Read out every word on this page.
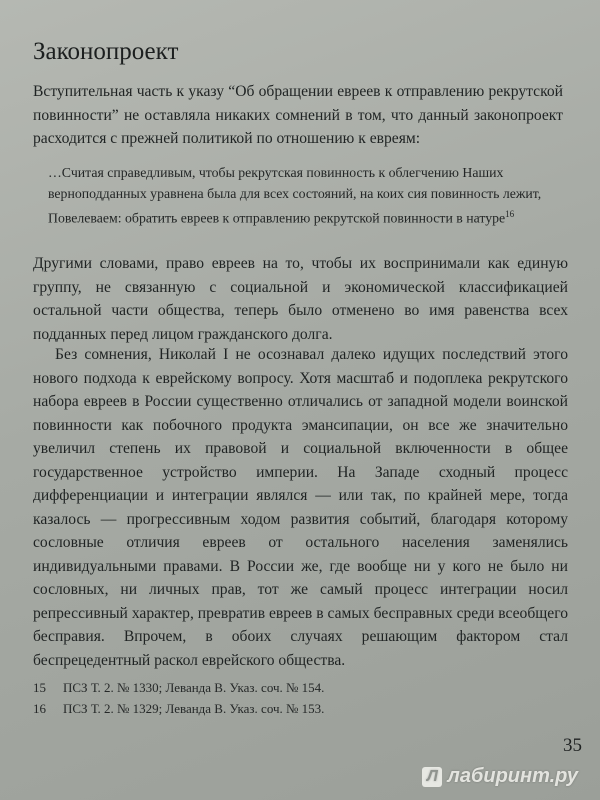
Законопроект

Вступительная часть к указу “Об обращении евреев к отправлению рекрутской повинности” не оставляла никаких сомнений в том, что данный законопроект расходится с прежней политикой по отношению к евреям:

…Считая справедливым, чтобы рекрутская повинность к облегчению Наших верноподданных уравнена была для всех состояний, на коих сия повинность лежит, Повелеваем: обратить евреев к отправлению рекрутской повинности в натуре$^{16}$

Другими словами, право евреев на то, чтобы их воспринимали как единую группу, не связанную с социальной и экономической классификацией остальной части общества, теперь было отменено во имя равенства всех подданных перед лицом гражданского долга.

Без сомнения, Николай I не осознавал далеко идущих последствий этого нового подхода к еврейскому вопросу. Хотя масштаб и подоплека рекрутского набора евреев в России существенно отличались от западной модели воинской повинности как побочного продукта эмансипации, он все же значительно увеличил степень их правовой и социальной включенности в общее государственное устройство империи. На Западе сходный процесс дифференциации и интеграции являлся — или так, по крайней мере, тогда казалось — прогрессивным ходом развития событий, благодаря которому сословные отличия евреев от остального населения заменялись индивидуальными правами. В России же, где вообще ни у кого не было ни сословных, ни личных прав, тот же самый процесс интеграции носил репрессивный характер, превратив евреев в самых бесправных среди всеобщего бесправия. Впрочем, в обоих случаях решающим фактором стал беспрецедентный раскол еврейского общества.

15	ПСЗ Т. 2. № 1330; Леванда В. Указ. соч. № 154.
16	ПСЗ Т. 2. № 1329; Леванда В. Указ. соч. № 153.
35
Л лабиринт.ру
